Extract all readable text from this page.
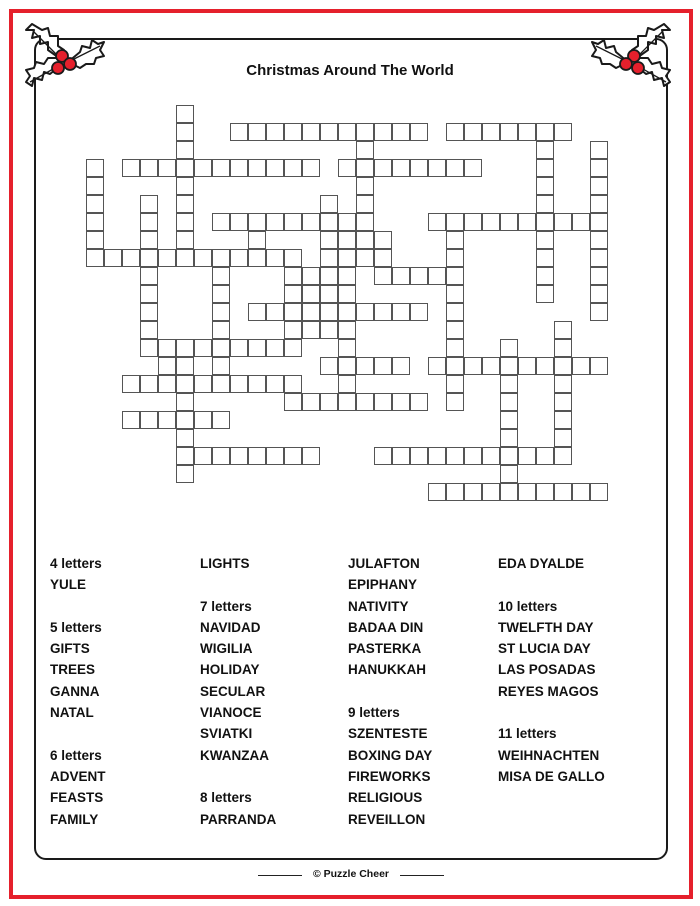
Christmas Around The World
4 letters
YULE
5 letters
GIFTS
TREES
GANNA
NATAL
6 letters
ADVENT
FEASTS
FAMILY
LIGHTS
7 letters
NAVIDAD
WIGILIA
HOLIDAY
SECULAR
VIANOCE
SVIATKI
KWANZAA
8 letters
PARRANDA
JULAFTON
EPIPHANY
NATIVITY
BADAA DIN
PASTERKA
HANUKKAH
9 letters
SZENTESTE
BOXING DAY
FIREWORKS
RELIGIOUS
REVEILLON
EDA DYALDE
10 letters
TWELFTH DAY
ST LUCIA DAY
LAS POSADAS
REYES MAGOS
11 letters
WEIHNACHTEN
MISA DE GALLO
© Puzzle Cheer
